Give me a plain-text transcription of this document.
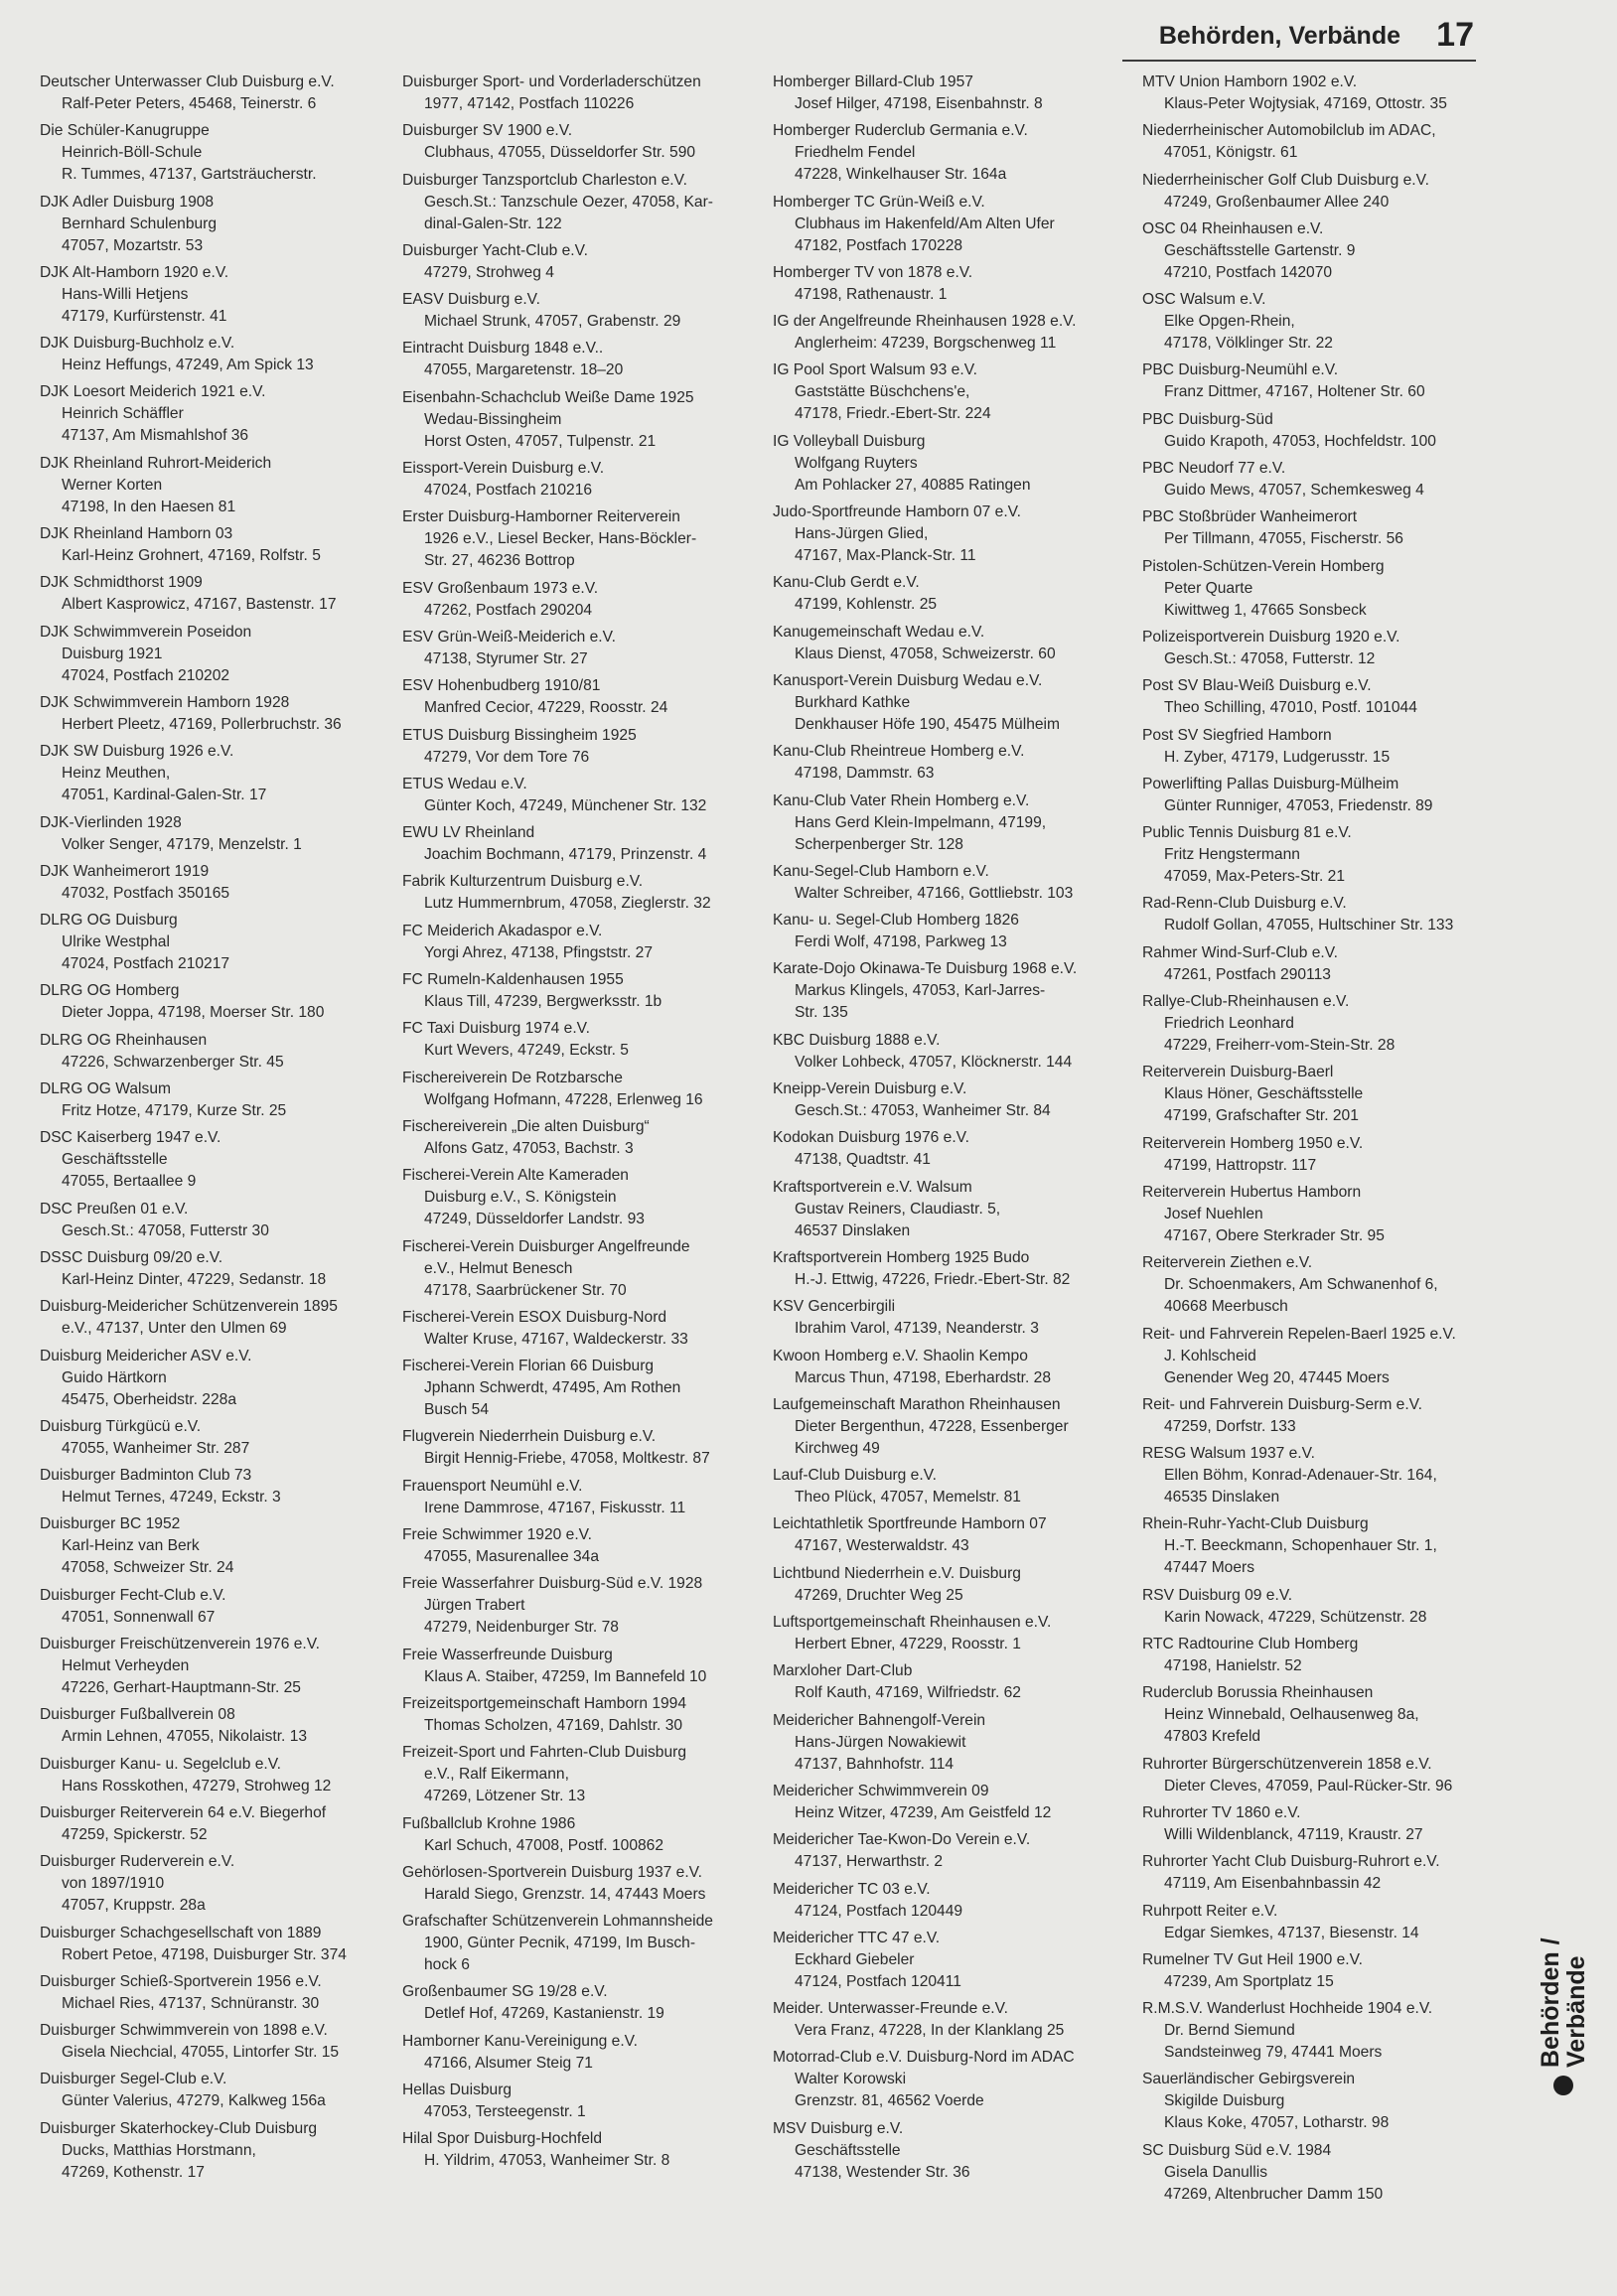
Behörden, Verbände 17
Deutscher Unterwasser Club Duisburg e.V.
Ralf-Peter Peters, 45468, Teinerstr. 6
Die Schüler-Kanugruppe
Heinrich-Böll-Schule
R. Tummes, 47137, Gartsträucherstr.
DJK Adler Duisburg 1908
Bernhard Schulenburg
47057, Mozartstr. 53
DJK Alt-Hamborn 1920 e.V.
Hans-Willi Hetjens
47179, Kurfürstenstr. 41
DJK Duisburg-Buchholz e.V.
Heinz Heffungs, 47249, Am Spick 13
DJK Loesort Meiderich 1921 e.V.
Heinrich Schäffler
47137, Am Mismahlshof 36
DJK Rheinland Ruhrort-Meiderich
Werner Korten
47198, In den Haesen 81
DJK Rheinland Hamborn 03
Karl-Heinz Grohnert, 47169, Rolfstr. 5
DJK Schmidthorst 1909
Albert Kasprowicz, 47167, Bastenstr. 17
DJK Schwimmverein Poseidon
Duisburg 1921
47024, Postfach 210202
DJK Schwimmverein Hamborn 1928
Herbert Pleetz, 47169, Pollerbruchstr. 36
DJK SW Duisburg 1926 e.V.
Heinz Meuthen,
47051, Kardinal-Galen-Str. 17
DJK-Vierlinden 1928
Volker Senger, 47179, Menzelstr. 1
DJK Wanheimerort 1919
47032, Postfach 350165
DLRG OG Duisburg
Ulrike Westphal
47024, Postfach 210217
DLRG OG Homberg
Dieter Joppa, 47198, Moerser Str. 180
DLRG OG Rheinhausen
47226, Schwarzenberger Str. 45
DLRG OG Walsum
Fritz Hotze, 47179, Kurze Str. 25
DSC Kaiserberg 1947 e.V.
Geschäftsstelle
47055, Bertaallee 9
DSC Preußen 01 e.V.
Gesch.St.: 47058, Futterstr 30
DSSC Duisburg 09/20 e.V.
Karl-Heinz Dinter, 47229, Sedanstr. 18
Duisburg-Meidericher Schützenverein 1895
e.V., 47137, Unter den Ulmen 69
Duisburg Meidericher ASV e.V.
Guido Härtkorn
45475, Oberheidstr. 228a
Duisburg Türkgücü e.V.
47055, Wanheimer Str. 287
Duisburger Badminton Club 73
Helmut Ternes, 47249, Eckstr. 3
Duisburger BC 1952
Karl-Heinz van Berk
47058, Schweizer Str. 24
Duisburger Fecht-Club e.V.
47051, Sonnenwall 67
Duisburger Freischützenverein 1976 e.V.
Helmut Verheyden
47226, Gerhart-Hauptmann-Str. 25
Duisburger Fußballverein 08
Armin Lehnen, 47055, Nikolaistr. 13
Duisburger Kanu- u. Segelclub e.V.
Hans Rosskothen, 47279, Strohweg 12
Duisburger Reiterverein 64 e.V. Biegerhof
47259, Spickerstr. 52
Duisburger Ruderverein e.V.
von 1897/1910
47057, Kruppstr. 28a
Duisburger Schachgesellschaft von 1889
Robert Petoe, 47198, Duisburger Str. 374
Duisburger Schieß-Sportverein 1956 e.V.
Michael Ries, 47137, Schnüranstr. 30
Duisburger Schwimmverein von 1898 e.V.
Gisela Niechcial, 47055, Lintorfer Str. 15
Duisburger Segel-Club e.V.
Günter Valerius, 47279, Kalkweg 156a
Duisburger Skaterhockey-Club Duisburg
Ducks, Matthias Horstmann,
47269, Kothenstr. 17
Duisburger Sport- und Vorderladerschützen
1977, 47142, Postfach 110226
Duisburger SV 1900 e.V.
Clubhaus, 47055, Düsseldorfer Str. 590
Duisburger Tanzsportclub Charleston e.V.
Gesch.St.: Tanzschule Oezer, 47058, Kar-
dinal-Galen-Str. 122
Duisburger Yacht-Club e.V.
47279, Strohweg 4
EASV Duisburg e.V.
Michael Strunk, 47057, Grabenstr. 29
Eintracht Duisburg 1848 e.V..
47055, Margaretenstr. 18–20
Eisenbahn-Schachclub Weiße Dame 1925
Wedau-Bissingheim
Horst Osten, 47057, Tulpenstr. 21
Eissport-Verein Duisburg e.V.
47024, Postfach 210216
Erster Duisburg-Hamborner Reiterverein
1926 e.V., Liesel Becker, Hans-Böckler-
Str. 27, 46236 Bottrop
ESV Großenbaum 1973 e.V.
47262, Postfach 290204
ESV Grün-Weiß-Meiderich e.V.
47138, Styrumer Str. 27
ESV Hohenbudberg 1910/81
Manfred Cecior, 47229, Roosstr. 24
ETUS Duisburg Bissingheim 1925
47279, Vor dem Tore 76
ETUS Wedau e.V.
Günter Koch, 47249, Münchener Str. 132
EWU LV Rheinland
Joachim Bochmann, 47179, Prinzenstr. 4
Fabrik Kulturzentrum Duisburg e.V.
Lutz Hummernbrum, 47058, Zieglerstr. 32
FC Meiderich Akadaspor e.V.
Yorgi Ahrez, 47138, Pfingststr. 27
FC Rumeln-Kaldenhausen 1955
Klaus Till, 47239, Bergwerksstr. 1b
FC Taxi Duisburg 1974 e.V.
Kurt Wevers, 47249, Eckstr. 5
Fischereiverein De Rotzbarsche
Wolfgang Hofmann, 47228, Erlenweg 16
Fischereiverein „Die alten Duisburg“
Alfons Gatz, 47053, Bachstr. 3
Fischerei-Verein Alte Kameraden
Duisburg e.V., S. Königstein
47249, Düsseldorfer Landstr. 93
Fischerei-Verein Duisburger Angelfreunde
e.V., Helmut Benesch
47178, Saarbrückener Str. 70
Fischerei-Verein ESOX Duisburg-Nord
Walter Kruse, 47167, Waldeckerstr. 33
Fischerei-Verein Florian 66 Duisburg
Jphann Schwerdt, 47495, Am Rothen
Busch 54
Flugverein Niederrhein Duisburg e.V.
Birgit Hennig-Friebe, 47058, Moltkestr. 87
Frauensport Neumühl e.V.
Irene Dammrose, 47167, Fiskusstr. 11
Freie Schwimmer 1920 e.V.
47055, Masurenallee 34a
Freie Wasserfahrer Duisburg-Süd e.V. 1928
Jürgen Trabert
47279, Neidenburger Str. 78
Freie Wasserfreunde Duisburg
Klaus A. Staiber, 47259, Im Bannefeld 10
Freizeitsportgemeinschaft Hamborn 1994
Thomas Scholzen, 47169, Dahlstr. 30
Freizeit-Sport und Fahrten-Club Duisburg
e.V., Ralf Eikermann,
47269, Lötzener Str. 13
Fußballclub Krohne 1986
Karl Schuch, 47008, Postf. 100862
Gehörlosen-Sportverein Duisburg 1937 e.V.
Harald Siego, Grenzstr. 14, 47443 Moers
Grafschafter Schützenverein Lohmannsheide
1900, Günter Pecnik, 47199, Im Busch-
hock 6
Großenbaumer SG 19/28 e.V.
Detlef Hof, 47269, Kastanienstr. 19
Hamborner Kanu-Vereinigung e.V.
47166, Alsumer Steig 71
Hellas Duisburg
47053, Tersteegenstr. 1
Hilal Spor Duisburg-Hochfeld
H. Yildrim, 47053, Wanheimer Str. 8
Homberger Billard-Club 1957
Josef Hilger, 47198, Eisenbahnstr. 8
Homberger Ruderclub Germania e.V.
Friedhelm Fendel
47228, Winkelhauser Str. 164a
Homberger TC Grün-Weiß e.V.
Clubhaus im Hakenfeld/Am Alten Ufer
47182, Postfach 170228
Homberger TV von 1878 e.V.
47198, Rathenaustr. 1
IG der Angelfreunde Rheinhausen 1928 e.V.
Anglerheim: 47239, Borgschenweg 11
IG Pool Sport Walsum 93 e.V.
Gaststätte Büschchens'e,
47178, Friedr.-Ebert-Str. 224
IG Volleyball Duisburg
Wolfgang Ruyters
Am Pohlacker 27, 40885 Ratingen
Judo-Sportfreunde Hamborn 07 e.V.
Hans-Jürgen Glied,
47167, Max-Planck-Str. 11
Kanu-Club Gerdt e.V.
47199, Kohlenstr. 25
Kanugemeinschaft Wedau e.V.
Klaus Dienst, 47058, Schweizerstr. 60
Kanusport-Verein Duisburg Wedau e.V.
Burkhard Kathke
Denkhauser Höfe 190, 45475 Mülheim
Kanu-Club Rheintreue Homberg e.V.
47198, Dammstr. 63
Kanu-Club Vater Rhein Homberg e.V.
Hans Gerd Klein-Impelmann, 47199,
Scherpenberger Str. 128
Kanu-Segel-Club Hamborn e.V.
Walter Schreiber, 47166, Gottliebstr. 103
Kanu- u. Segel-Club Homberg 1826
Ferdi Wolf, 47198, Parkweg 13
Karate-Dojo Okinawa-Te Duisburg 1968 e.V.
Markus Klingels, 47053, Karl-Jarres-
Str. 135
KBC Duisburg 1888 e.V.
Volker Lohbeck, 47057, Klöcknerstr. 144
Kneipp-Verein Duisburg e.V.
Gesch.St.: 47053, Wanheimer Str. 84
Kodokan Duisburg 1976 e.V.
47138, Quadtstr. 41
Kraftsportverein e.V. Walsum
Gustav Reiners, Claudiastr. 5,
46537 Dinslaken
Kraftsportverein Homberg 1925 Budo
H.-J. Ettwig, 47226, Friedr.-Ebert-Str. 82
KSV Gencerbirgili
Ibrahim Varol, 47139, Neanderstr. 3
Kwoon Homberg e.V. Shaolin Kempo
Marcus Thun, 47198, Eberhardstr. 28
Laufgemeinschaft Marathon Rheinhausen
Dieter Bergenthun, 47228, Essenberger
Kirchweg 49
Lauf-Club Duisburg e.V.
Theo Plück, 47057, Memelstr. 81
Leichtathletik Sportfreunde Hamborn 07
47167, Westerwaldstr. 43
Lichtbund Niederrhein e.V. Duisburg
47269, Druchter Weg 25
Luftsportgemeinschaft Rheinhausen e.V.
Herbert Ebner, 47229, Roosstr. 1
Marxloher Dart-Club
Rolf Kauth, 47169, Wilfriedstr. 62
Meidericher Bahnengolf-Verein
Hans-Jürgen Nowakiewit
47137, Bahnhofstr. 114
Meidericher Schwimmverein 09
Heinz Witzer, 47239, Am Geistfeld 12
Meidericher Tae-Kwon-Do Verein e.V.
47137, Herwarthstr. 2
Meidericher TC 03 e.V.
47124, Postfach 120449
Meidericher TTC 47 e.V.
Eckhard Giebeler
47124, Postfach 120411
Meider. Unterwasser-Freunde e.V.
Vera Franz, 47228, In der Klanklang 25
Motorrad-Club e.V. Duisburg-Nord im ADAC
Walter Korowski
Grenzstr. 81, 46562 Voerde
MSV Duisburg e.V.
Geschäftsstelle
47138, Westender Str. 36
MTV Union Hamborn 1902 e.V.
Klaus-Peter Wojtysiak, 47169, Ottostr. 35
Niederrheinischer Automobilclub im ADAC,
47051, Königstr. 61
Niederrheinischer Golf Club Duisburg e.V.
47249, Großenbaumer Allee 240
OSC 04 Rheinhausen e.V.
Geschäftsstelle Gartenstr. 9
47210, Postfach 142070
OSC Walsum e.V.
Elke Opgen-Rhein,
47178, Völklinger Str. 22
PBC Duisburg-Neumühl e.V.
Franz Dittmer, 47167, Holtener Str. 60
PBC Duisburg-Süd
Guido Krapoth, 47053, Hochfeldstr. 100
PBC Neudorf 77 e.V.
Guido Mews, 47057, Schemkesweg 4
PBC Stoßbrüder Wanheimerort
Per Tillmann, 47055, Fischerstr. 56
Pistolen-Schützen-Verein Homberg
Peter Quarte
Kiwittweg 1, 47665 Sonsbeck
Polizeisportverein Duisburg 1920 e.V.
Gesch.St.: 47058, Futterstr. 12
Post SV Blau-Weiß Duisburg e.V.
Theo Schilling, 47010, Postf. 101044
Post SV Siegfried Hamborn
H. Zyber, 47179, Ludgerusstr. 15
Powerlifting Pallas Duisburg-Mülheim
Günter Runniger, 47053, Friedenstr. 89
Public Tennis Duisburg 81 e.V.
Fritz Hengstermann
47059, Max-Peters-Str. 21
Rad-Renn-Club Duisburg e.V.
Rudolf Gollan, 47055, Hultschiner Str. 133
Rahmer Wind-Surf-Club e.V.
47261, Postfach 290113
Rallye-Club-Rheinhausen e.V.
Friedrich Leonhard
47229, Freiherr-vom-Stein-Str. 28
Reiterverein Duisburg-Baerl
Klaus Höner, Geschäftsstelle
47199, Grafschafter Str. 201
Reiterverein Homberg 1950 e.V.
47199, Hattropstr. 117
Reiterverein Hubertus Hamborn
Josef Nuehlen
47167, Obere Sterkrader Str. 95
Reiterverein Ziethen e.V.
Dr. Schoenmakers, Am Schwanenhof 6,
40668 Meerbusch
Reit- und Fahrverein Repelen-Baerl 1925 e.V.
J. Kohlscheid
Genender Weg 20, 47445 Moers
Reit- und Fahrverein Duisburg-Serm e.V.
47259, Dorfstr. 133
RESG Walsum 1937 e.V.
Ellen Böhm, Konrad-Adenauer-Str. 164,
46535 Dinslaken
Rhein-Ruhr-Yacht-Club Duisburg
H.-T. Beeckmann, Schopenhauer Str. 1,
47447 Moers
RSV Duisburg 09 e.V.
Karin Nowack, 47229, Schützenstr. 28
RTC Radtourine Club Homberg
47198, Hanielstr. 52
Ruderclub Borussia Rheinhausen
Heinz Winnebald, Oelhausenweg 8a,
47803 Krefeld
Ruhrorter Bürgerschützenverein 1858 e.V.
Dieter Cleves, 47059, Paul-Rücker-Str. 96
Ruhrorter TV 1860 e.V.
Willi Wildenblanck, 47119, Kraustr. 27
Ruhrorter Yacht Club Duisburg-Ruhrort e.V.
47119, Am Eisenbahnbassin 42
Ruhrpott Reiter e.V.
Edgar Siemkes, 47137, Biesenstr. 14
Rumelner TV Gut Heil 1900 e.V.
47239, Am Sportplatz 15
R.M.S.V. Wanderlust Hochheide 1904 e.V.
Dr. Bernd Siemund
Sandsteinweg 79, 47441 Moers
Sauerländischer Gebirgsverein
Skigilde Duisburg
Klaus Koke, 47057, Lotharstr. 98
SC Duisburg Süd e.V. 1984
Gisela Danullis
47269, Altenbrucher Damm 150
Behörden /
Verbände
